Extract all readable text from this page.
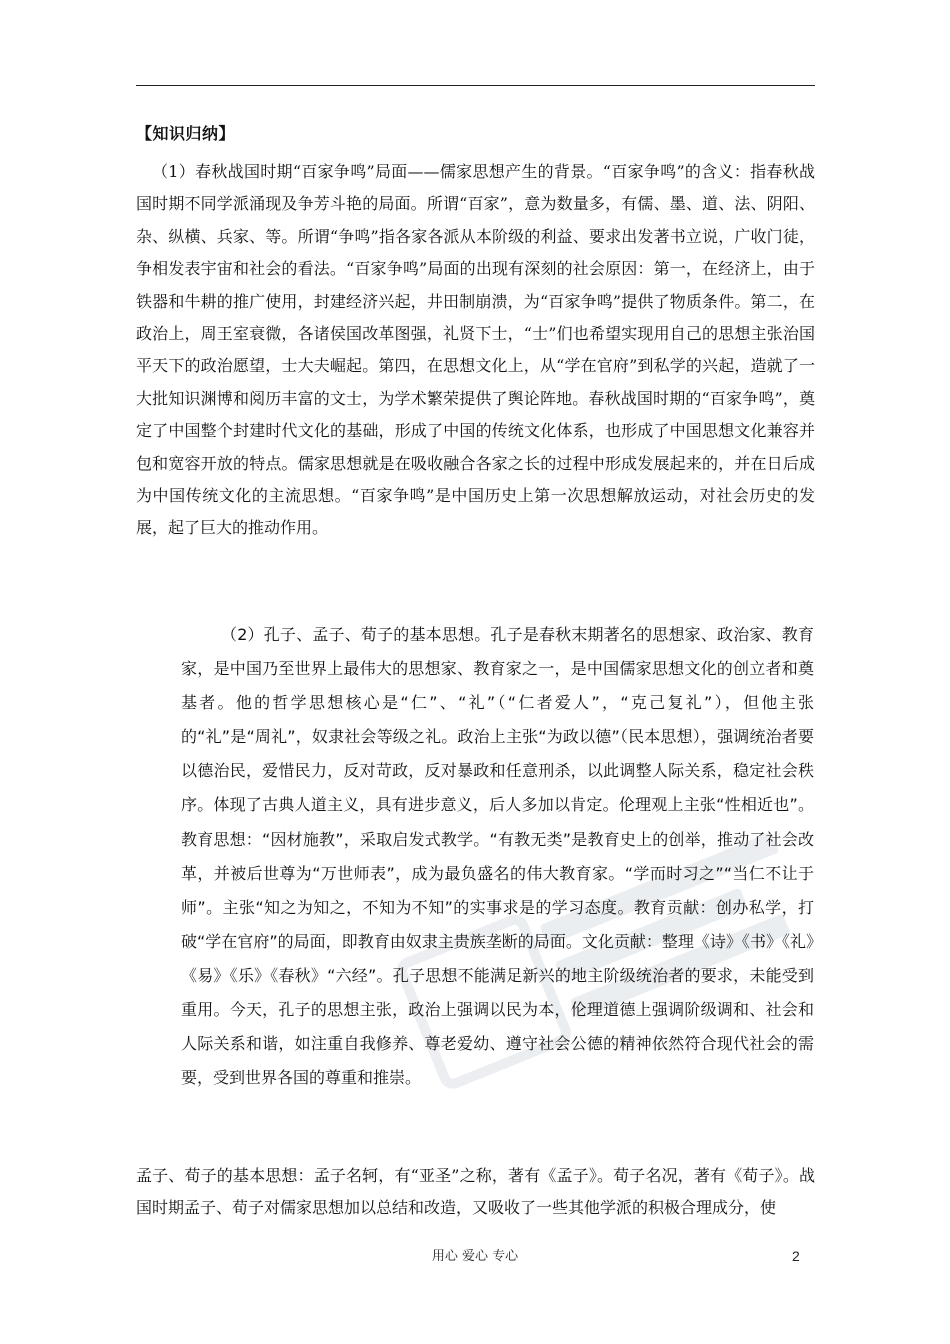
【知识归纳】
（1）春秋战国时期“百家争鸣”局面——儒家思想产生的背景。“百家争鸣”的含义：指春秋战国时期不同学派涌现及争芳斗艳的局面。所谓“百家”，意为数量多，有儒、墨、道、法、阴阳、杂、纵横、兵家、等。所谓“争鸣”指各家各派从本阶级的利益、要求出发著书立说，广收门徒，争相发表宇宙和社会的看法。“百家争鸣”局面的出现有深刻的社会原因：第一，在经济上，由于铁器和牛耕的推广使用，封建经济兴起，井田制崩溃，为“百家争鸣”提供了物质条件。第二，在政治上，周王室衰微，各诸侯国改革图强，礼贤下士，“士”们也希望实现用自己的思想主张治国平天下的政治愿望，士大夫崛起。第四，在思想文化上，从“学在官府”到私学的兴起，造就了一大批知识渊博和阅历丰富的文士，为学术繁荣提供了舆论阵地。春秋战国时期的“百家争鸣”，奠定了中国整个封建时代文化的基础，形成了中国的传统文化体系，也形成了中国思想文化兼容并包和宽容开放的特点。儒家思想就是在吸收融合各家之长的过程中形成发展起来的，并在日后成为中国传统文化的主流思想。“百家争鸣”是中国历史上第一次思想解放运动，对社会历史的发展，起了巨大的推动作用。
（2）孔子、孟子、荀子的基本思想。孔子是春秋末期著名的思想家、政治家、教育家，是中国乃至世界上最伟大的思想家、教育家之一，是中国儒家思想文化的创立者和奠基者。他的哲学思想核心是“仁”、“礼”（“仁者爱人”，“克己复礼”），但他主张的“礼”是“周礼”，奴隶社会等级之礼。政治上主张“为政以德”（民本思想），强调统治者要以德治民，爱惜民力，反对苛政，反对暴政和任意刑杀，以此调整人际关系，稳定社会秩序。体现了古典人道主义，具有进步意义，后人多加以肯定。伦理观上主张“性相近也”。教育思想：“因材施教”，采取启发式教学。“有教无类”是教育史上的创举，推动了社会改革，并被后世尊为“万世师表”，成为最负盛名的伟大教育家。“学而时习之”“当仁不让于师”。主张“知之为知之，不知为不知”的实事求是的学习态度。教育贡献：创办私学，打破“学在官府”的局面，即教育由奴隶主贵族垄断的局面。文化贡献：整理《诗》《书》《礼》《易》《乐》《春秋》“六经”。孔子思想不能满足新兴的地主阶级统治者的要求，未能受到重用。今天，孔子的思想主张，政治上强调以民为本，伦理道德上强调阶级调和、社会和人际关系和谐，如注重自我修养、尊老爱幼、遵守社会公德的精神依然符合现代社会的需要，受到世界各国的尊重和推崇。
孟子、荀子的基本思想：孟子名轲，有“亚圣”之称，著有《孟子》。荀子名况，著有《荀子》。战国时期孟子、荀子对儒家思想加以总结和改造，又吸收了一些其他学派的积极合理成分，使
用心 爱心 专心	2
